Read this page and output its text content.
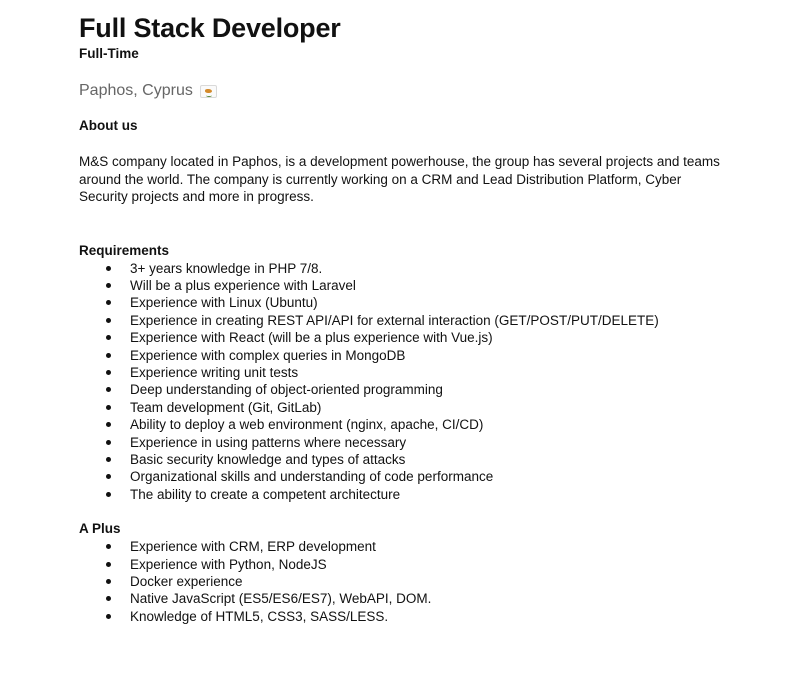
Full Stack Developer
Full-Time
Paphos, Cyprus
About us

M&S company located in Paphos, is a development powerhouse, the group has several projects and teams around the world. The company is currently working on a CRM and Lead Distribution Platform, Cyber Security projects and more in progress.

Requirements
3+ years knowledge in PHP 7/8.
Will be a plus experience with Laravel
Experience with Linux (Ubuntu)
Experience in creating REST API/API for external interaction (GET/POST/PUT/DELETE)
Experience with React (will be a plus experience with Vue.js)
Experience with complex queries in MongoDB
Experience writing unit tests
Deep understanding of object-oriented programming
Team development (Git, GitLab)
Ability to deploy a web environment (nginx, apache, CI/CD)
Experience in using patterns where necessary
Basic security knowledge and types of attacks
Organizational skills and understanding of code performance
The ability to create a competent architecture
A Plus
Experience with CRM, ERP development
Experience with Python, NodeJS
Docker experience
Native JavaScript (ES5/ES6/ES7), WebAPI, DOM.
Knowledge of HTML5, CSS3, SASS/LESS.
